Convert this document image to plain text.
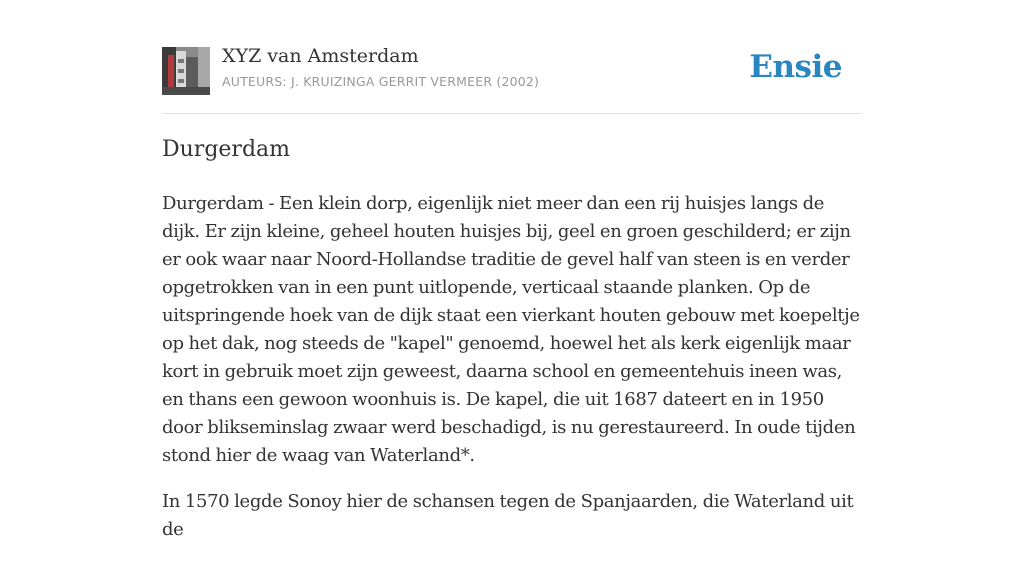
XYZ van Amsterdam
AUTEURS: J. KRUIZINGA GERRIT VERMEER (2002)	Ensie
Durgerdam

Durgerdam - Een klein dorp, eigenlijk niet meer dan een rij huisjes langs de dijk. Er zijn kleine, geheel houten huisjes bij, geel en groen geschilderd; er zijn er ook waar naar Noord-Hollandse traditie de gevel half van steen is en verder opgetrokken van in een punt uitlopende, verticaal staande planken. Op de uitspringende hoek van de dijk staat een vierkant houten gebouw met koepeltje op het dak, nog steeds de "kapel" genoemd, hoewel het als kerk eigenlijk maar kort in gebruik moet zijn geweest, daarna school en gemeentehuis ineen was, en thans een gewoon woonhuis is. De kapel, die uit 1687 dateert en in 1950 door blikseminslag zwaar werd beschadigd, is nu gerestaureerd. In oude tijden stond hier de waag van Waterland*.

In 1570 legde Sonoy hier de schansen tegen de Spanjaarden, die Waterland uit de
